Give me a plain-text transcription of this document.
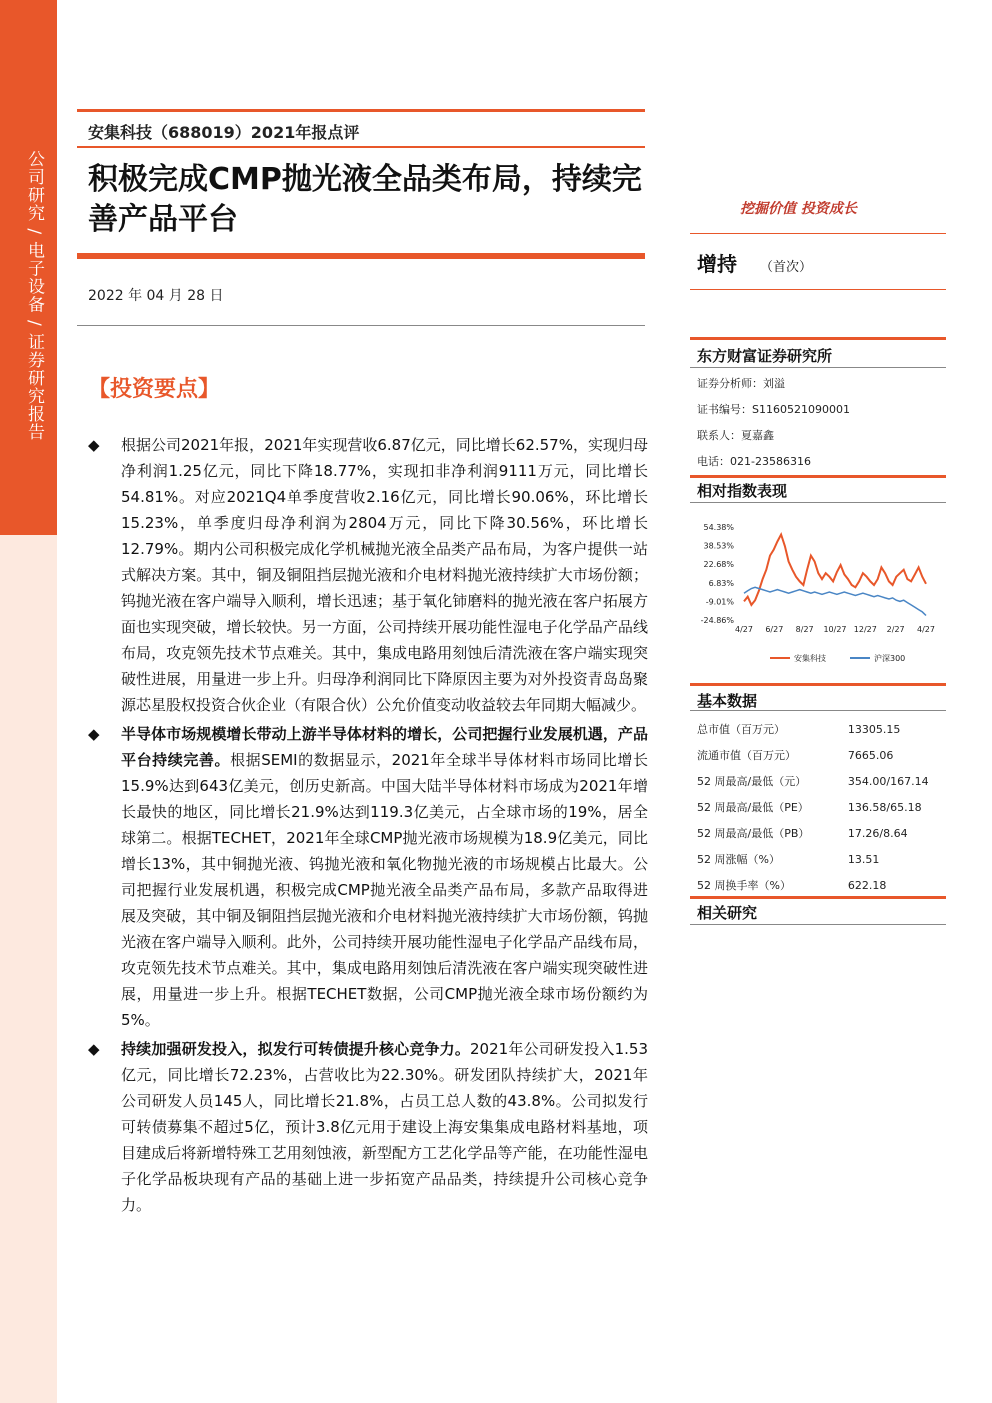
公司研究 / 电子设备 / 证券研究报告
安集科技（688019）2021年报点评
积极完成CMP抛光液全品类布局，持续完善产品平台
2022 年 04 月 28 日
【投资要点】
◆ 根据公司2021年报，2021年实现营收6.87亿元，同比增长62.57%，实现归母净利润1.25亿元，同比下降18.77%，实现扣非净利润9111万元，同比增长54.81%。对应2021Q4单季度营收2.16亿元，同比增长90.06%，环比增长15.23%，单季度归母净利润为2804万元，同比下降30.56%，环比增长12.79%。期内公司积极完成化学机械抛光液全品类产品布局，为客户提供一站式解决方案。其中，铜及铜阻挡层抛光液和介电材料抛光液持续扩大市场份额；钨抛光液在客户端导入顺利，增长迅速；基于氧化铈磨料的抛光液在客户拓展方面也实现突破，增长较快。另一方面，公司持续开展功能性湿电子化学品产品线布局，攻克领先技术节点难关。其中，集成电路用刻蚀后清洗液在客户端实现突破性进展，用量进一步上升。归母净利润同比下降原因主要为对外投资青岛岛聚源芯星股权投资合伙企业（有限合伙）公允价值变动收益较去年同期大幅减少。
◆ 半导体市场规模增长带动上游半导体材料的增长，公司把握行业发展机遇，产品平台持续完善。根据SEMI的数据显示，2021年全球半导体材料市场同比增长15.9%达到643亿美元，创历史新高。中国大陆半导体材料市场成为2021年增长最快的地区，同比增长21.9%达到119.3亿美元，占全球市场的19%，居全球第二。根据TECHET，2021年全球CMP抛光液市场规模为18.9亿美元，同比增长13%，其中铜抛光液、钨抛光液和氧化物抛光液的市场规模占比最大。公司把握行业发展机遇，积极完成CMP抛光液全品类产品布局，多款产品取得进展及突破，其中铜及铜阻挡层抛光液和介电材料抛光液持续扩大市场份额，钨抛光液在客户端导入顺利。此外，公司持续开展功能性湿电子化学品产品线布局，攻克领先技术节点难关。其中，集成电路用刻蚀后清洗液在客户端实现突破性进展，用量进一步上升。根据TECHET数据，公司CMP抛光液全球市场份额约为5%。
◆ 持续加强研发投入，拟发行可转债提升核心竞争力。2021年公司研发投入1.53亿元，同比增长72.23%，占营收比为22.30%。研发团队持续扩大，2021年公司研发人员145人，同比增长21.8%，占员工总人数的43.8%。公司拟发行可转债募集不超过5亿，预计3.8亿元用于建设上海安集集成电路材料基地，项目建成后将新增特殊工艺用刻蚀液，新型配方工艺化学品等产能，在功能性湿电子化学品板块现有产品的基础上进一步拓宽产品品类，持续提升公司核心竞争力。
挖掘价值 投资成长
增持 （首次）
东方财富证券研究所
证券分析师：刘溢
证书编号：S1160521090001
联系人：夏嘉鑫
电话：021-23586316
相对指数表现
54.38%
38.53%
22.68%
6.83%
-9.01%
-24.86%
4/27 6/27 8/27 10/27 12/27 2/27 4/27
安集科技	沪深300
基本数据
总市值（百万元）	13305.15
流通市值（百万元）	7665.06
52 周最高/最低（元）	354.00/167.14
52 周最高/最低（PE）	136.58/65.18
52 周最高/最低（PB）	17.26/8.64
52 周涨幅（%）	13.51
52 周换手率（%）	622.18
相关研究
